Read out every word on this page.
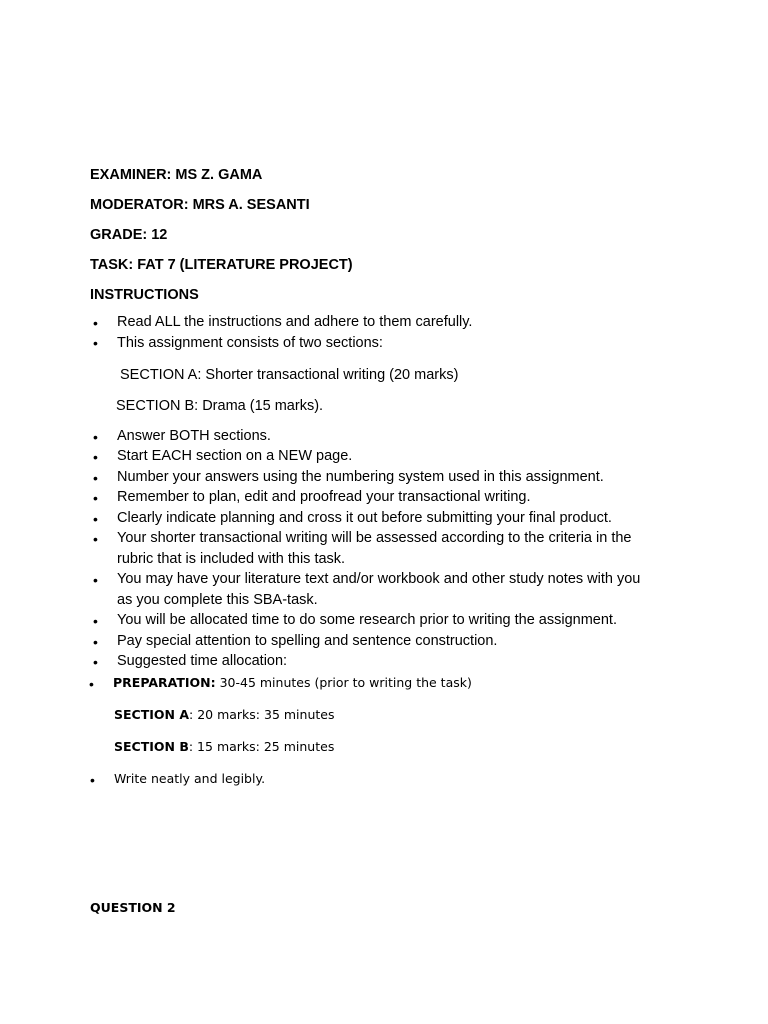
EXAMINER: MS Z. GAMA
MODERATOR: MRS A. SESANTI
GRADE: 12
TASK: FAT 7 (LITERATURE PROJECT)
INSTRUCTIONS
• Read ALL the instructions and adhere to them carefully.
• This assignment consists of two sections:
SECTION A: Shorter transactional writing (20 marks)
SECTION B: Drama (15 marks).
• Answer BOTH sections.
• Start EACH section on a NEW page.
• Number your answers using the numbering system used in this assignment.
• Remember to plan, edit and proofread your transactional writing.
• Clearly indicate planning and cross it out before submitting your final product.
• Your shorter transactional writing will be assessed according to the criteria in the
rubric that is included with this task.
• You may have your literature text and/or workbook and other study notes with you
as you complete this SBA-task.
• You will be allocated time to do some research prior to writing the assignment.
• Pay special attention to spelling and sentence construction.
• Suggested time allocation:
• PREPARATION: 30-45 minutes (prior to writing the task)
SECTION A: 20 marks: 35 minutes
SECTION B: 15 marks: 25 minutes
• Write neatly and legibly.
QUESTION 2
